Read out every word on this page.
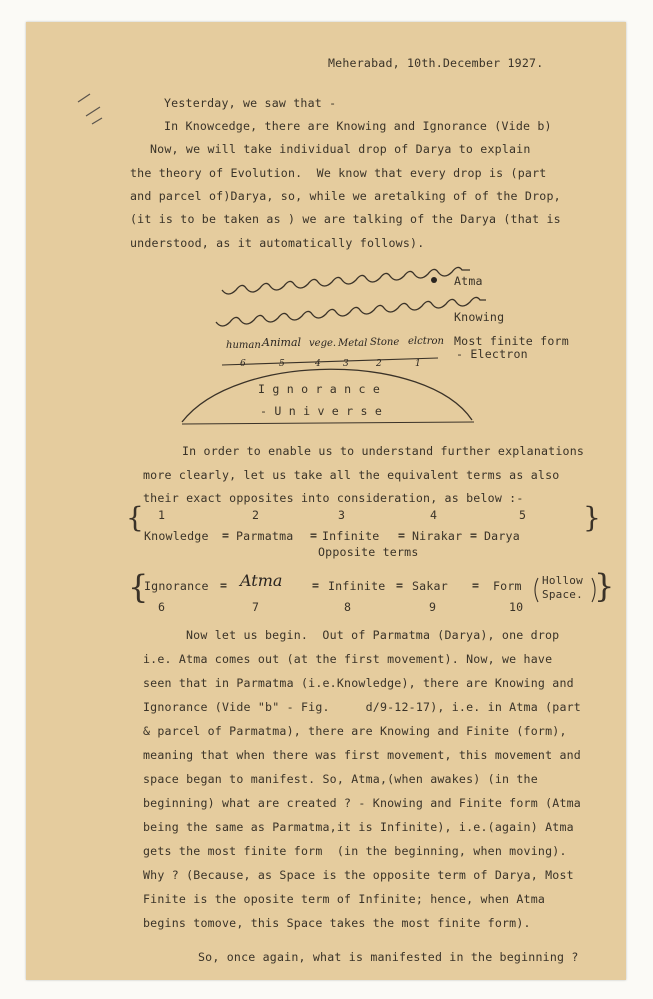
{	}
{	}

Meherabad, 10th.December 1927.

Yesterday, we saw that -

In Knowcedge, there are Knowing and Ignorance (Vide b)

Now, we will take individual drop of Darya to explain

the theory of Evolution.  We know that every drop is (part

and parcel of)Darya, so, while we aretalking of of the Drop,

(it is to be taken as ) we are talking of the Darya (that is

understood, as it automatically follows).

Atma

Knowing

Most finite form

- Electron

human Animal vege. Metal Stone elctron

6	5	4 3	2	1

I g n o r a n c e

- U n i v e r s e

In order to enable us to understand further explanations

more clearly, let us take all the equivalent terms as also

their exact opposites into consideration, as below :-

1	2	3	4	5

Knowledge = Parmatma = Infinite = Nirakar = Darya

Opposite terms

Ignorance = Atma	= Infinite = Sakar = Form Hollow

Space.

6	7	8	9	10

Now let us begin.  Out of Parmatma (Darya), one drop

i.e. Atma comes out (at the first movement). Now, we have

seen that in Parmatma (i.e.Knowledge), there are Knowing and

Ignorance (Vide "b" - Fig.     d/9-12-17), i.e. in Atma (part

& parcel of Parmatma), there are Knowing and Finite (form),

meaning that when there was first movement, this movement and

space began to manifest. So, Atma,(when awakes) (in the

beginning) what are created ? - Knowing and Finite form (Atma

being the same as Parmatma,it is Infinite), i.e.(again) Atma

gets the most finite form  (in the beginning, when moving).

Why ? (Because, as Space is the opposite term of Darya, Most

Finite is the oposite term of Infinite; hence, when Atma

begins tomove, this Space takes the most finite form).

So, once again, what is manifested in the beginning ?
